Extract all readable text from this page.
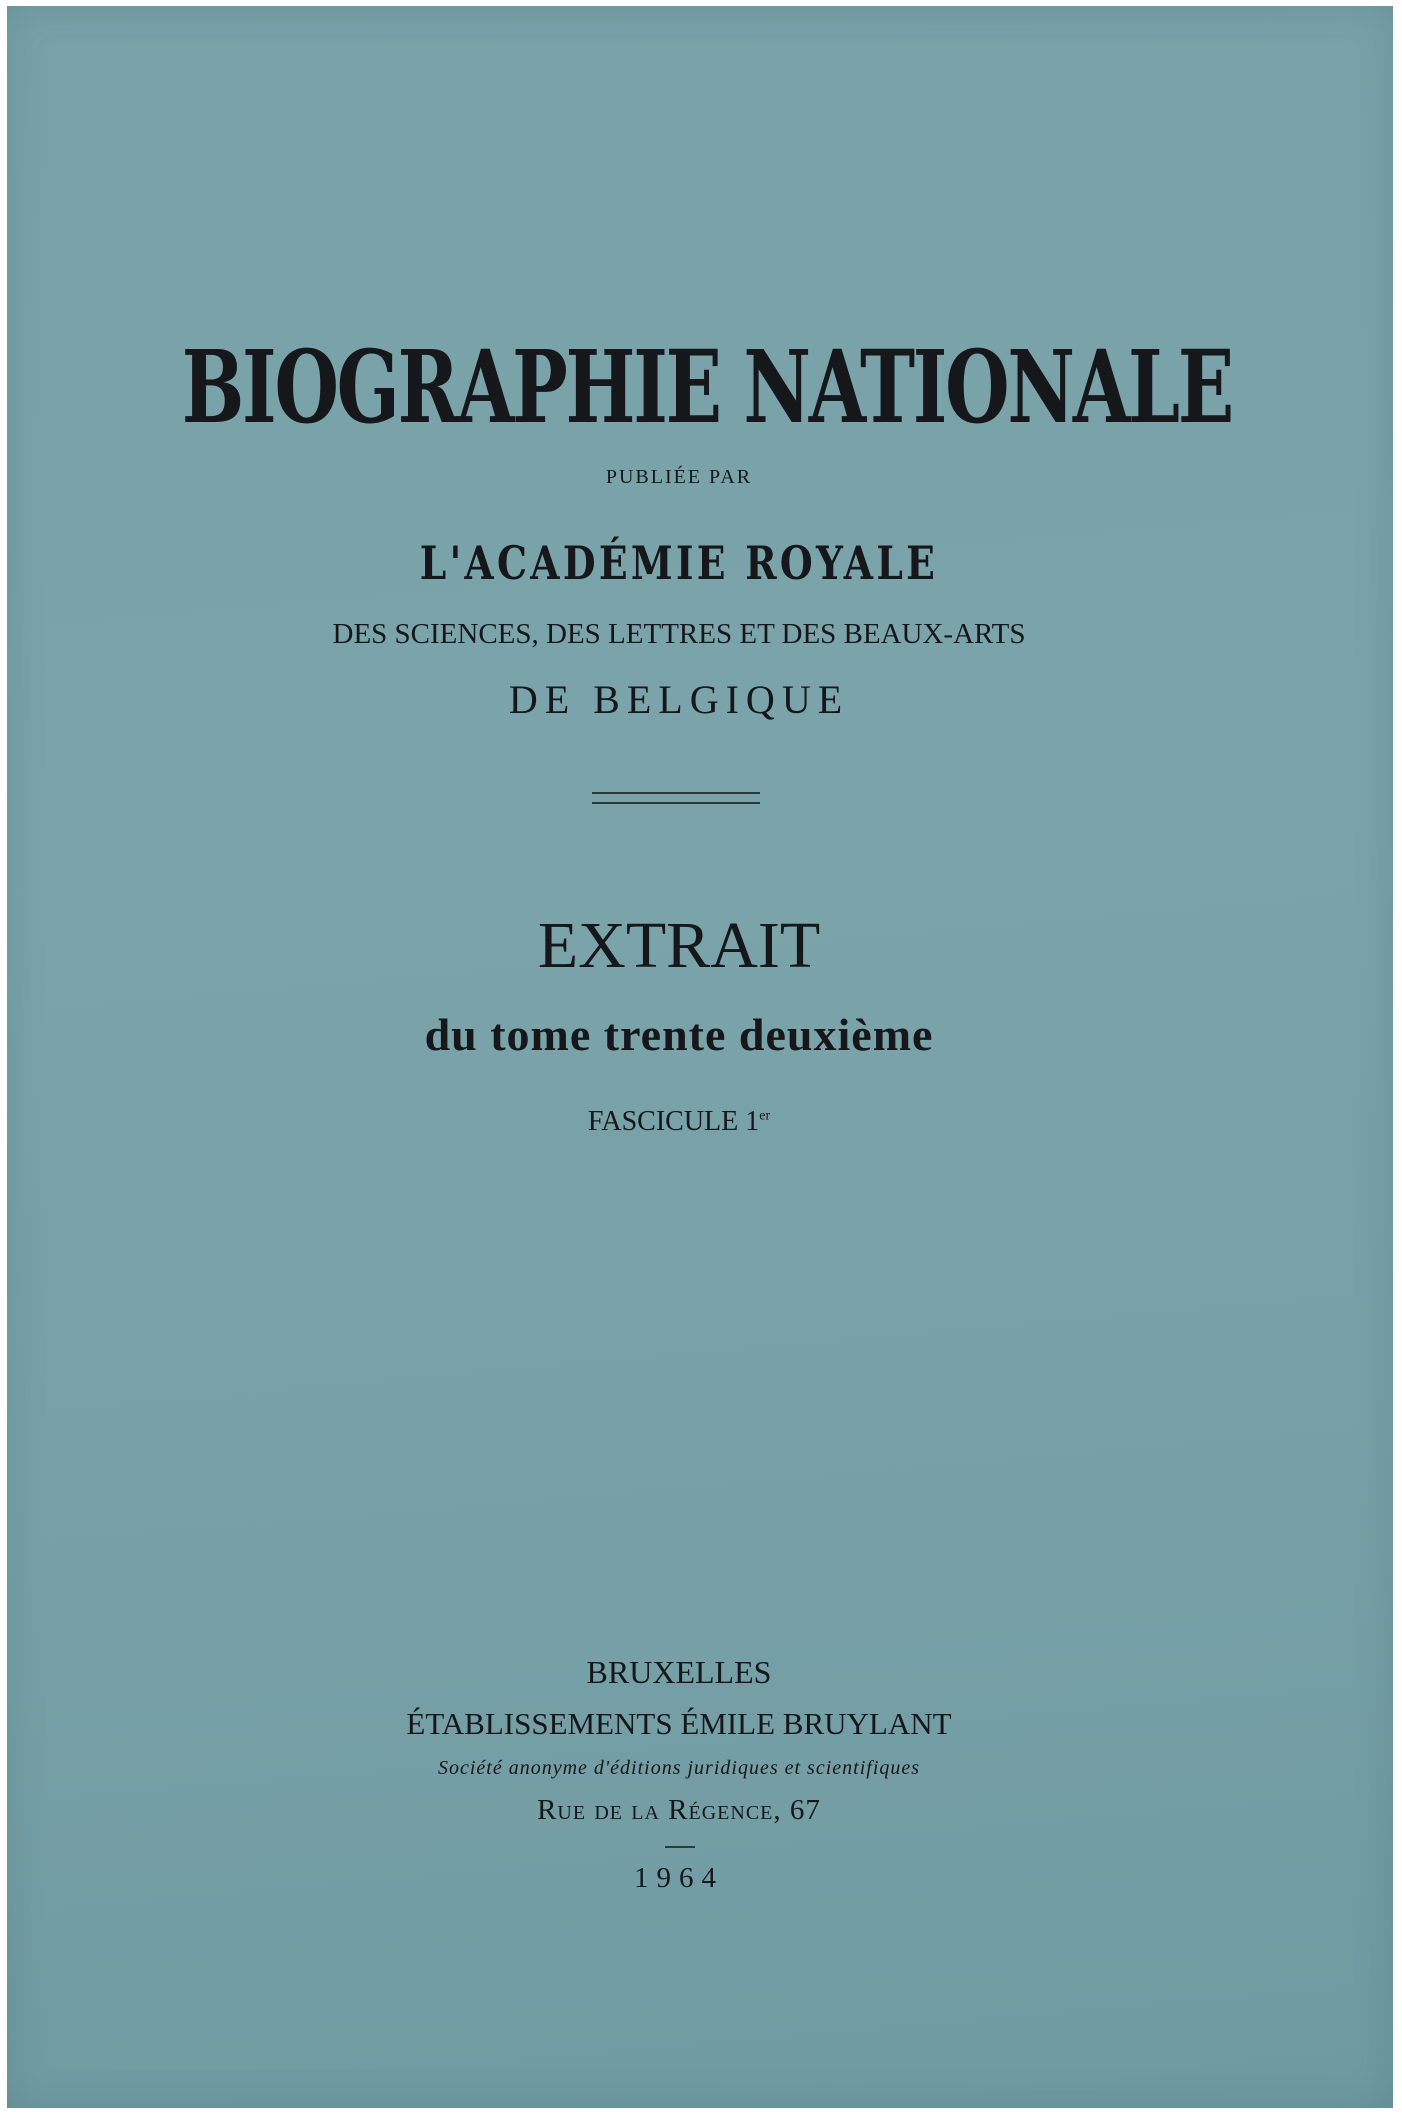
BIOGRAPHIE NATIONALE
PUBLIÉE PAR
L'ACADÉMIE ROYALE
DES SCIENCES, DES LETTRES ET DES BEAUX-ARTS
DE BELGIQUE
EXTRAIT
du tome trente deuxième
FASCICULE 1er
BRUXELLES
ÉTABLISSEMENTS ÉMILE BRUYLANT
Société anonyme d'éditions juridiques et scientifiques
Rue de la Régence, 67
1964
